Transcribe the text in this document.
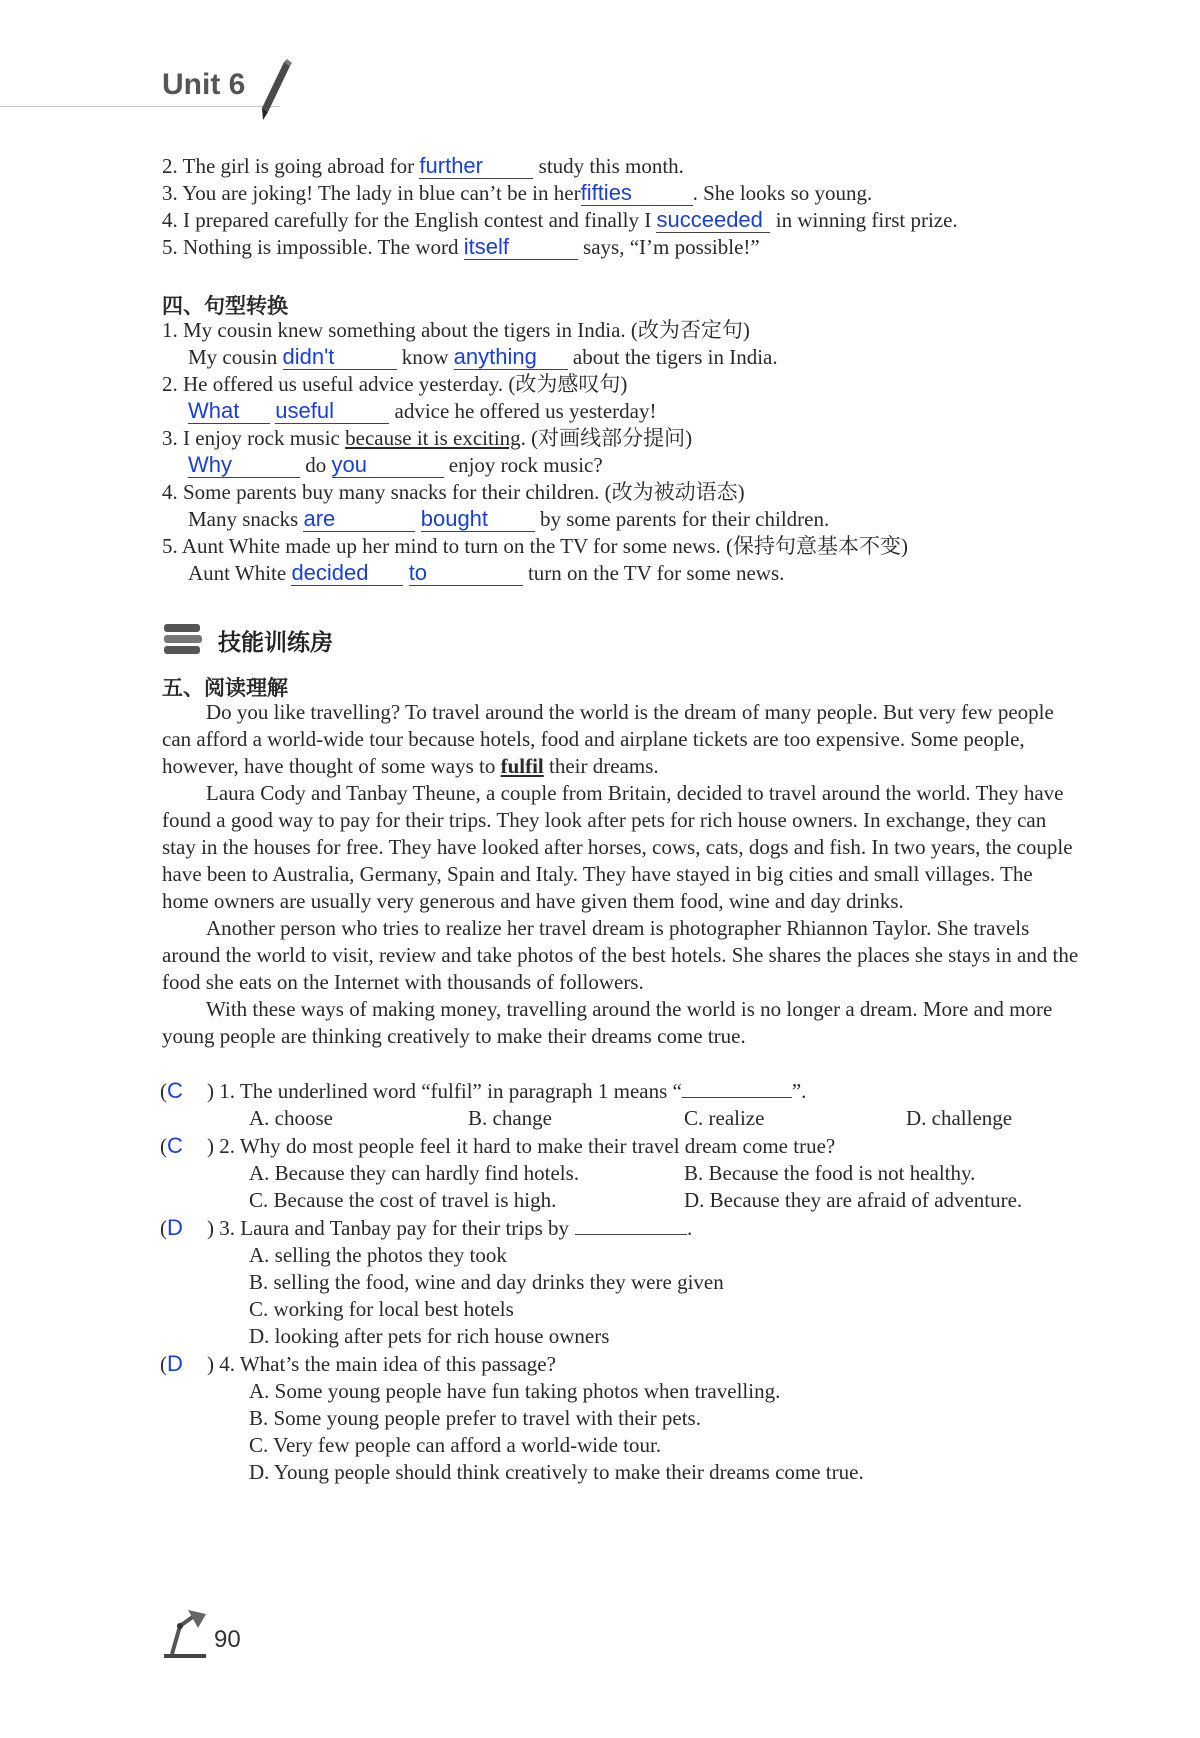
Unit 6
2. The girl is going abroad for further	study this month.
3. You are joking! The lady in blue can’t be in herfifties	. She looks so young.
4. I prepared carefully for the English contest and finally I succeeded in winning first prize.
5. Nothing is impossible. The word itself	says, “I’m possible!”
四、句型转换
1. My cousin knew something about the tigers in India. (改为否定句)
My cousin didn't	know anything about the tigers in India.
2. He offered us useful advice yesterday. (改为感叹句)
What useful	advice he offered us yesterday!
3. I enjoy rock music because it is exciting. (对画线部分提问)
Why	do you	enjoy rock music?
4. Some parents buy many snacks for their children. (改为被动语态)
Many snacks are	bought by some parents for their children.
5. Aunt White made up her mind to turn on the TV for some news. (保持句意基本不变)
Aunt White decided to	turn on the TV for some news.
技能训练房
五、阅读理解

Do you like travelling? To travel around the world is the dream of many people. But very few people can afford a world-wide tour because hotels, food and airplane tickets are too expensive. Some people, however, have thought of some ways to fulfil their dreams.

Laura Cody and Tanbay Theune, a couple from Britain, decided to travel around the world. They have found a good way to pay for their trips. They look after pets for rich house owners. In exchange, they can stay in the houses for free. They have looked after horses, cows, cats, dogs and fish. In two years, the couple have been to Australia, Germany, Spain and Italy. They have stayed in big cities and small villages. The home owners are usually very generous and have given them food, wine and day drinks.

Another person who tries to realize her travel dream is photographer Rhiannon Taylor. She travels around the world to visit, review and take photos of the best hotels. She shares the places she stays in and the food she eats on the Internet with thousands of followers.

With these ways of making money, travelling around the world is no longer a dream. More and more young people are thinking creatively to make their dreams come true.

(C ) 1. The underlined word “fulfil” in paragraph 1 means “	”.
A. choose	B. change	C. realize	D. challenge
(C ) 2. Why do most people feel it hard to make their travel dream come true?
A. Because they can hardly find hotels.	B. Because the food is not healthy.
C. Because the cost of travel is high.	D. Because they are afraid of adventure.
(D ) 3. Laura and Tanbay pay for their trips by	.
A. selling the photos they took
B. selling the food, wine and day drinks they were given
C. working for local best hotels
D. looking after pets for rich house owners
(D ) 4. What’s the main idea of this passage?
A. Some young people have fun taking photos when travelling.
B. Some young people prefer to travel with their pets.
C. Very few people can afford a world-wide tour.
D. Young people should think creatively to make their dreams come true.
90
